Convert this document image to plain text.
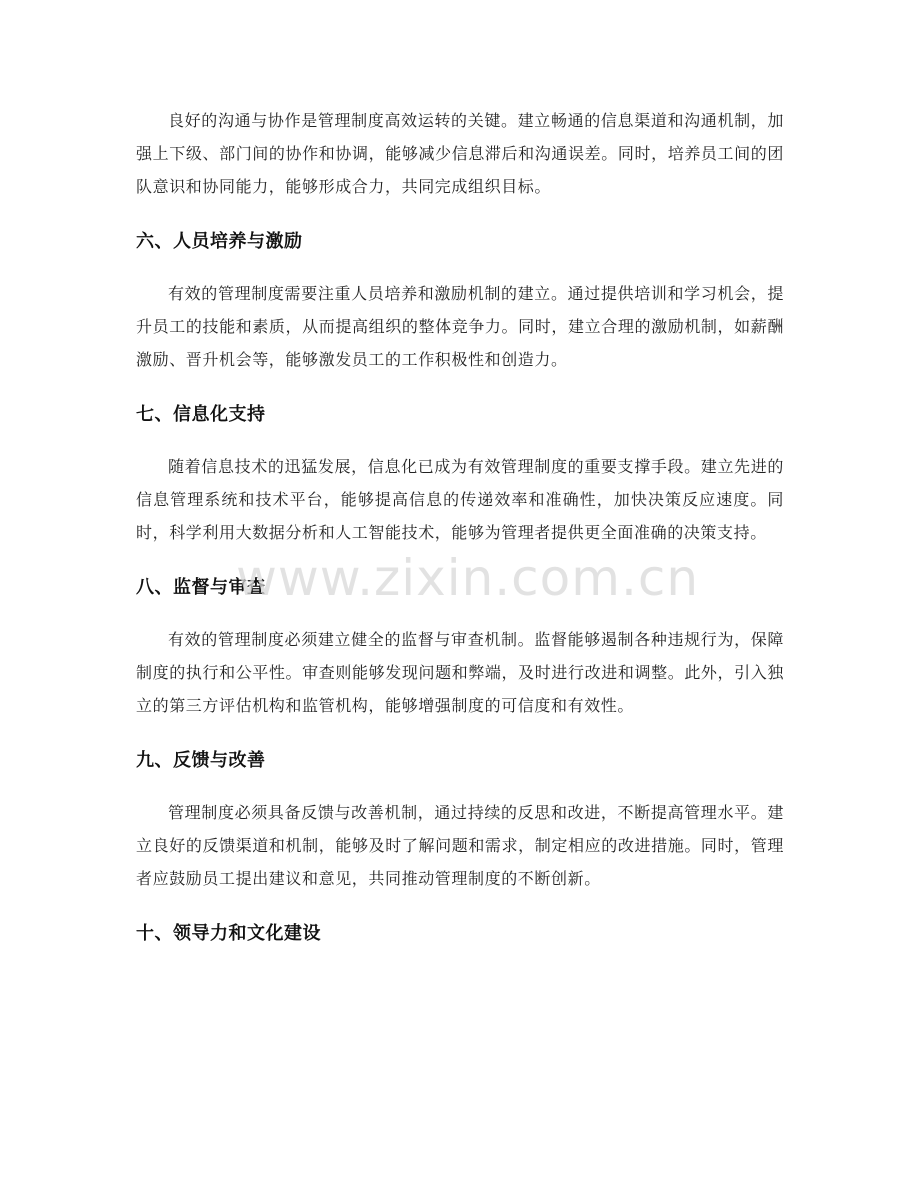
良好的沟通与协作是管理制度高效运转的关键。建立畅通的信息渠道和沟通机制，加强上下级、部门间的协作和协调，能够减少信息滞后和沟通误差。同时，培养员工间的团队意识和协同能力，能够形成合力，共同完成组织目标。

六、人员培养与激励

有效的管理制度需要注重人员培养和激励机制的建立。通过提供培训和学习机会，提升员工的技能和素质，从而提高组织的整体竞争力。同时，建立合理的激励机制，如薪酬激励、晋升机会等，能够激发员工的工作积极性和创造力。

七、信息化支持

随着信息技术的迅猛发展，信息化已成为有效管理制度的重要支撑手段。建立先进的信息管理系统和技术平台，能够提高信息的传递效率和准确性，加快决策反应速度。同时，科学利用大数据分析和人工智能技术，能够为管理者提供更全面准确的决策支持。

八、监督与审查

有效的管理制度必须建立健全的监督与审查机制。监督能够遏制各种违规行为，保障制度的执行和公平性。审查则能够发现问题和弊端，及时进行改进和调整。此外，引入独立的第三方评估机构和监管机构，能够增强制度的可信度和有效性。

九、反馈与改善

管理制度必须具备反馈与改善机制，通过持续的反思和改进，不断提高管理水平。建立良好的反馈渠道和机制，能够及时了解问题和需求，制定相应的改进措施。同时，管理者应鼓励员工提出建议和意见，共同推动管理制度的不断创新。

十、领导力和文化建设
www.zixin.com.cn
